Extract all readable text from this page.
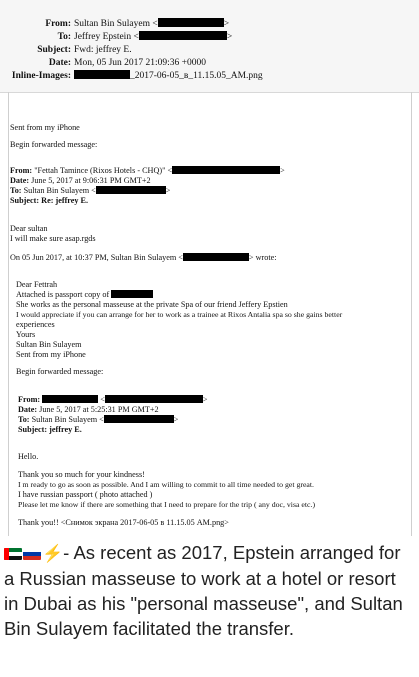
From: Sultan Bin Sulayem <	>
To: Jeffrey Epstein <	>
Subject: Fwd: jeffrey E.
Date: Mon, 05 Jun 2017 21:09:36 +0000
Inline-Images:	_2017-06-05_в_11.15.05_AM.png
Sent from my iPhone
Begin forwarded message:
From: "Fettah Tamince (Rixos Hotels - CHQ)" <	>
Date: June 5, 2017 at 9:06:31 PM GMT+2
To: Sultan Bin Sulayem <	>
Subject: Re: jeffrey E.
Dear sultan
I will make sure asap.rgds
On 05 Jun 2017, at 10:37 PM, Sultan Bin Sulayem <	> wrote:
Dear Fettrah
Attached is passport copy of
She works as the personal masseuse at the private Spa of our friend Jeffery Epstien
I would appreciate if you can arrange for her to work as a trainee at Rixos Antalia spa so she gains better
experiences
Yours
Sultan Bin Sulayem
Sent from my iPhone
Begin forwarded message:
From:	<	>
Date: June 5, 2017 at 5:25:31 PM GMT+2
To: Sultan Bin Sulayem <	>
Subject: jeffrey E.
Hello.
Thank you so much for your kindness!
I m ready to go as soon as possible. And I am willing to commit to all time needed to get great.
I have russian passport ( photo attached )
Please let me know if there are something that I need to prepare for the trip ( any doc, visa etc.)
Thank you!! <Снимок экрана 2017-06-05 в 11.15.05 AM.png>
⚡- As recent as 2017, Epstein arranged for a Russian masseuse to work at a hotel or resort in Dubai as his "personal masseuse", and Sultan Bin Sulayem facilitated the transfer.
